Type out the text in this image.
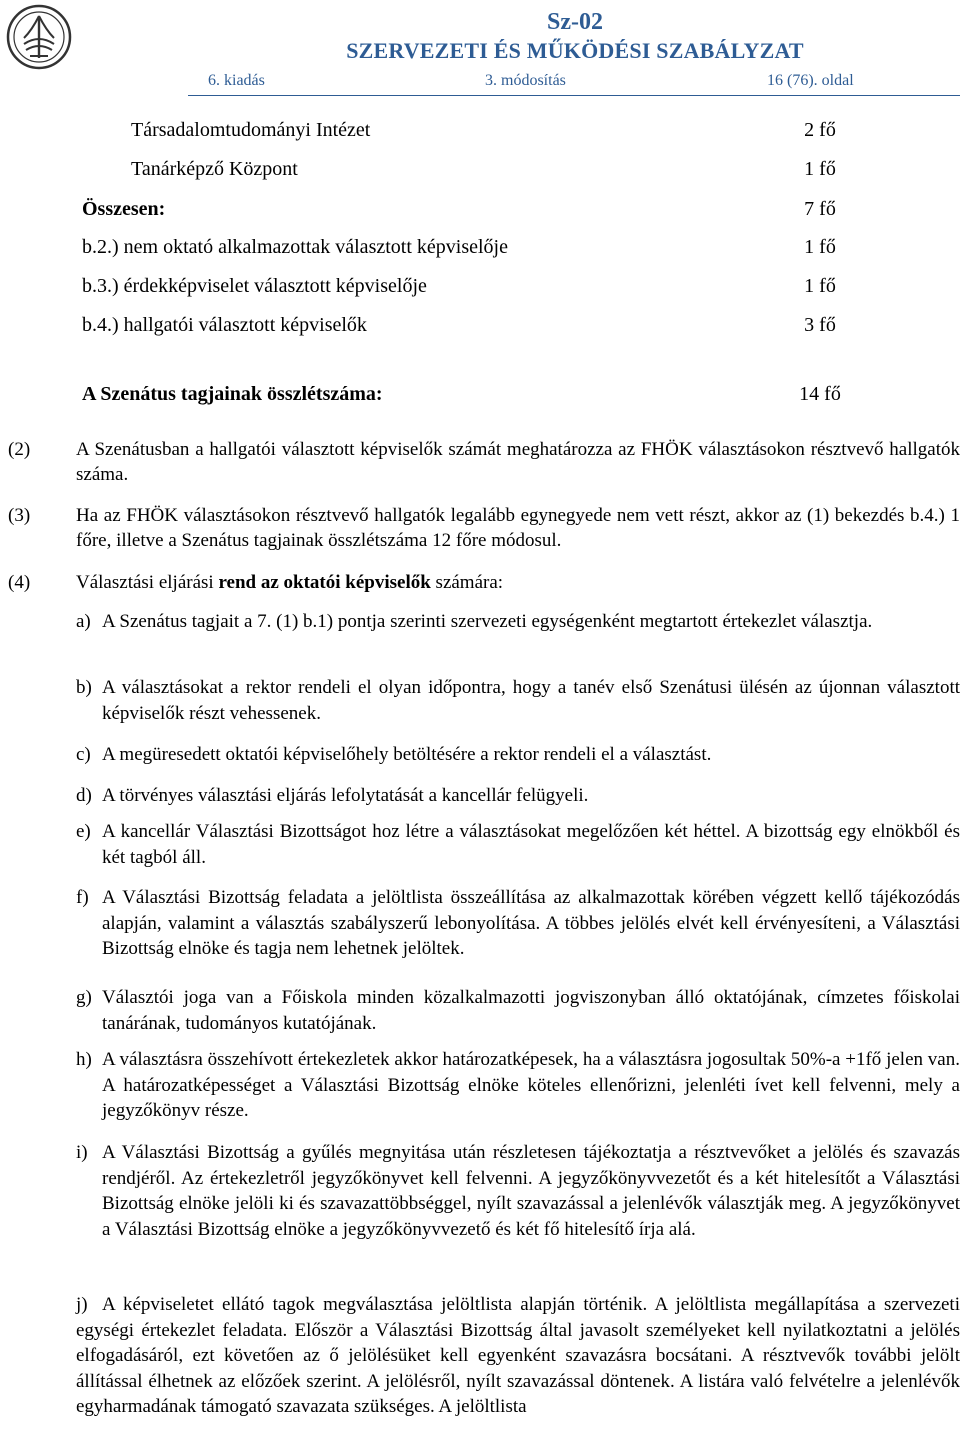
Sz-02
SZERVEZETI ÉS MŰKÖDÉSI SZABÁLYZAT
6. kiadás	3. módosítás	16 (76). oldal
Társadalomtudományi Intézet	2 fő
Tanárképző Központ	1 fő
Összesen:	7 fő
b.2.) nem oktató alkalmazottak választott képviselője	1 fő
b.3.) érdekképviselet választott képviselője	1 fő
b.4.) hallgatói választott képviselők	3 fő
A Szenátus tagjainak összlétszáma:	14 fő
(2) A Szenátusban a hallgatói választott képviselők számát meghatározza az FHÖK választásokon résztvevő hallgatók száma.
(3) Ha az FHÖK választásokon résztvevő hallgatók legalább egynegyede nem vett részt, akkor az (1) bekezdés b.4.) 1 főre, illetve a Szenátus tagjainak összlétszáma 12 főre módosul.
(4) Választási eljárási rend az oktatói képviselők számára:
a) A Szenátus tagjait a 7. (1) b.1) pontja szerinti szervezeti egységenként megtartott értekezlet választja.
b) A választásokat a rektor rendeli el olyan időpontra, hogy a tanév első Szenátusi ülésén az újonnan választott képviselők részt vehessenek.
c) A megüresedett oktatói képviselőhely betöltésére a rektor rendeli el a választást.
d) A törvényes választási eljárás lefolytatását a kancellár felügyeli.
e) A kancellár Választási Bizottságot hoz létre a választásokat megelőzően két héttel. A bizottság egy elnökből és két tagból áll.
f) A Választási Bizottság feladata a jelöltlista összeállítása az alkalmazottak körében végzett kellő tájékozódás alapján, valamint a választás szabályszerű lebonyolítása. A többes jelölés elvét kell érvényesíteni, a Választási Bizottság elnöke és tagja nem lehetnek jelöltek.
g) Választói joga van a Főiskola minden közalkalmazotti jogviszonyban álló oktatójának, címzetes főiskolai tanárának, tudományos kutatójának.
h) A választásra összehívott értekezletek akkor határozatképesek, ha a választásra jogosultak 50%-a +1fő jelen van. A határozatképességet a Választási Bizottság elnöke köteles ellenőrizni, jelenléti ívet kell felvenni, mely a jegyzőkönyv része.
i) A Választási Bizottság a gyűlés megnyitása után részletesen tájékoztatja a résztvevőket a jelölés és szavazás rendjéről. Az értekezletről jegyzőkönyvet kell felvenni. A jegyzőkönyvvezetőt és a két hitelesítőt a Választási Bizottság elnöke jelöli ki és szavazattöbbséggel, nyílt szavazással a jelenlévők választják meg. A jegyzőkönyvet a Választási Bizottság elnöke a jegyzőkönyvvezető és két fő hitelesítő írja alá.
j) A képviseletet ellátó tagok megválasztása jelöltlista alapján történik. A jelöltlista megállapítása a szervezeti egységi értekezlet feladata. Először a Választási Bizottság által javasolt személyeket kell nyilatkoztatni a jelölés elfogadásáról, ezt követően az ő jelölésüket kell egyenként szavazásra bocsátani. A résztvevők további jelölt állítással élhetnek az előzőek szerint. A jelölésről, nyílt szavazással döntenek. A listára való felvételre a jelenlévők egyharmadának támogató szavazata szükséges. A jelöltlista
